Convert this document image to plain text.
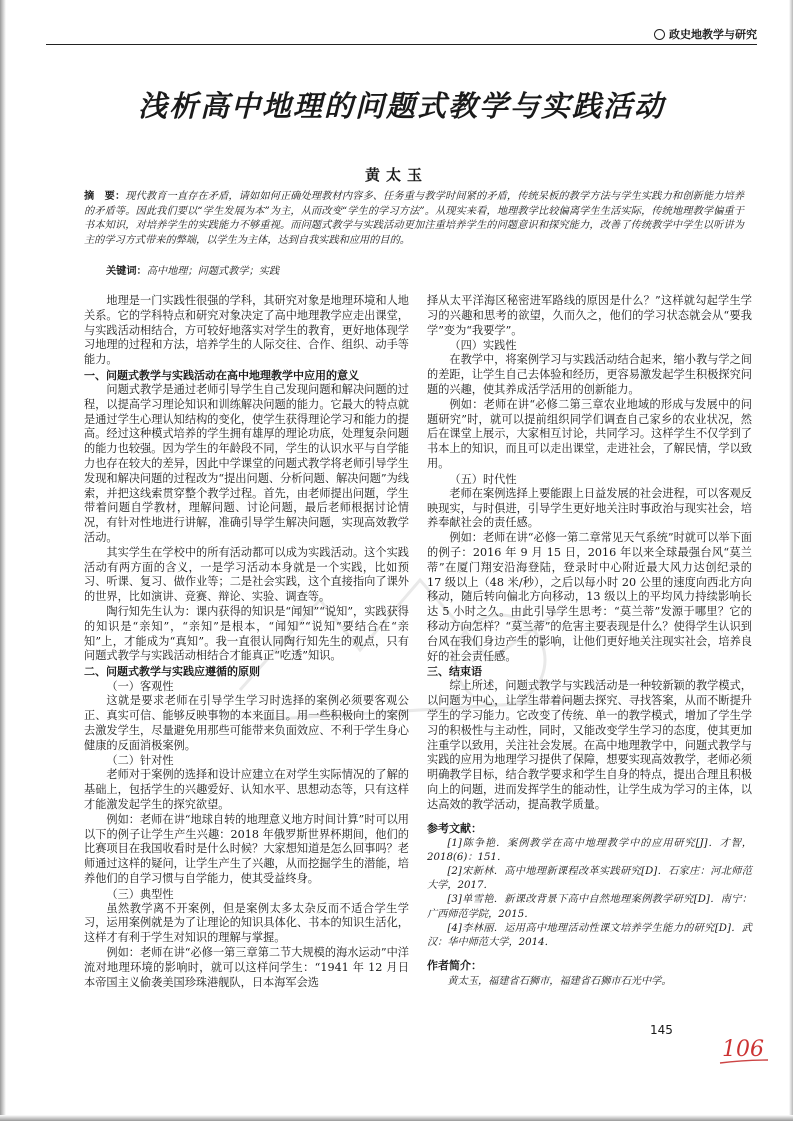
政史地教学与研究
浅析高中地理的问题式教学与实践活动
黄太玉
摘　要：现代教育一直存在矛盾，请如如何正确处理教材内容多、任务重与教学时间紧的矛盾，传统呆板的教学方法与学生实践力和创新能力培养的矛盾等。因此我们要以“学生发展为本”为主，从而改变“学生的学习方法”。从现实来看，地理教学比较偏离学生生活实际，传统地理教学偏重于书本知识，对培养学生的实践能力不够重视。而问题式教学与实践活动更加注重培养学生的问题意识和探究能力，改善了传统教学中学生以听讲为主的学习方式带来的弊端，以学生为主体，达到自我实践和应用的目的。
关键词：高中地理；问题式教学；实践

地理是一门实践性很强的学科，其研究对象是地理环境和人地关系。它的学科特点和研究对象决定了高中地理教学应走出课堂，与实践活动相结合，方可较好地落实对学生的教育，更好地体现学习地理的过程和方法，培养学生的人际交往、合作、组织、动手等能力。

一、问题式教学与实践活动在高中地理教学中应用的意义

问题式教学是通过老师引导学生自己发现问题和解决问题的过程，以提高学习理论知识和训练解决问题的能力。它最大的特点就是通过学生心理认知结构的变化，使学生获得理论学习和能力的提高。经过这种模式培养的学生拥有雄厚的理论功底，处理复杂问题的能力也较强。因为学生的年龄段不同，学生的认识水平与自学能力也存在较大的差异，因此中学课堂的问题式教学将老师引导学生发现和解决问题的过程改为“提出问题、分析问题、解决问题”为线索，并把这线索贯穿整个教学过程。首先，由老师提出问题，学生带着问题自学教材，理解问题、讨论问题，最后老师根据讨论情况，有针对性地进行讲解，准确引导学生解决问题，实现高效教学活动。

其实学生在学校中的所有活动都可以成为实践活动。这个实践活动有两方面的含义，一是学习活动本身就是一个实践，比如预习、听课、复习、做作业等；二是社会实践，这个直接指向了课外的世界，比如演讲、竞赛、辩论、实验、调查等。

陶行知先生认为：课内获得的知识是“闻知”“说知”，实践获得的知识是“亲知”，“亲知”是根本，“闻知”“说知”要结合在“亲知”上，才能成为“真知”。我一直很认同陶行知先生的观点，只有问题式教学与实践活动相结合才能真正“吃透”知识。

二、问题式教学与实践应遵循的原则
（一）客观性

这就是要求老师在引导学生学习时选择的案例必须要客观公正、真实可信、能够反映事物的本来面目。用一些积极向上的案例去激发学生，尽量避免用那些可能带来负面效应、不利于学生身心健康的反面消极案例。

（二）针对性

老师对于案例的选择和设计应建立在对学生实际情况的了解的基础上，包括学生的兴趣爱好、认知水平、思想动态等，只有这样才能激发起学生的探究欲望。

例如：老师在讲“地球自转的地理意义地方时间计算”时可以用以下的例子让学生产生兴趣：2018 年俄罗斯世界杯期间，他们的比赛项目在我国收看时是什么时候？大家想知道是怎么回事吗？老师通过这样的疑问，让学生产生了兴趣，从而挖掘学生的潜能，培养他们的自学习惯与自学能力，使其受益终身。

（三）典型性

虽然教学离不开案例，但是案例太多太杂反而不适合学生学习，运用案例就是为了让理论的知识具体化、书本的知识生活化，这样才有利于学生对知识的理解与掌握。

例如：老师在讲“必修一第三章第二节大规模的海水运动”中洋流对地理环境的影响时，就可以这样问学生：“1941 年 12 月日本帝国主义偷袭美国珍珠港舰队，日本海军会选

择从太平洋海区秘密进军路线的原因是什么？”这样就勾起学生学习的兴趣和思考的欲望，久而久之，他们的学习状态就会从“要我学”变为“我要学”。

（四）实践性

在教学中，将案例学习与实践活动结合起来，缩小教与学之间的差距，让学生自己去体验和经历，更容易激发起学生积极探究问题的兴趣，使其养成活学活用的创新能力。

例如：老师在讲“必修二第三章农业地域的形成与发展中的问题研究”时，就可以提前组织同学们调查自己家乡的农业状况，然后在课堂上展示，大家相互讨论，共同学习。这样学生不仅学到了书本上的知识，而且可以走出课堂，走进社会，了解民情，学以致用。

（五）时代性

老师在案例选择上要能跟上日益发展的社会进程，可以客观反映现实，与时俱进，引导学生更好地关注时事政治与现实社会，培养奉献社会的责任感。

例如：老师在讲“必修一第二章常见天气系统”时就可以举下面的例子：2016 年 9 月 15 日，2016 年以来全球最强台风“莫兰蒂”在厦门翔安沿海登陆，登录时中心附近最大风力达创纪录的 17 级以上（48 米/秒），之后以每小时 20 公里的速度向西北方向移动，随后转向偏北方向移动，13 级以上的平均风力持续影响长达 5 小时之久。由此引导学生思考：“莫兰蒂”发源于哪里？它的移动方向怎样？“莫兰蒂”的危害主要表现是什么？使得学生认识到台风在我们身边产生的影响，让他们更好地关注现实社会，培养良好的社会责任感。

三、结束语

综上所述，问题式教学与实践活动是一种较新颖的教学模式，以问题为中心，让学生带着问题去探究、寻找答案，从而不断提升学生的学习能力。它改变了传统、单一的教学模式，增加了学生学习的积极性与主动性，同时，又能改变学生学习的态度，使其更加注重学以致用，关注社会发展。在高中地理教学中，问题式教学与实践的应用为地理学习提供了保障，想要实现高效教学，老师必须明确教学目标，结合教学要求和学生自身的特点，提出合理且积极向上的问题，进而发挥学生的能动性，让学生成为学习的主体，以达高效的教学活动，提高教学质量。

参考文献：

[1]陈争艳．案例教学在高中地理教学中的应用研究[J]．才智，2018(6)：151．

[2]宋新林．高中地理新课程改革实践研究[D]．石家庄：河北师范大学，2017．

[3]单雪艳．新课改背景下高中自然地理案例教学研究[D]．南宁：广西师范学院，2015．

[4]李林丽．运用高中地理活动性课文培养学生能力的研究[D]．武汉：华中师范大学，2014．

作者简介：

黄太玉，福建省石狮市，福建省石狮市石光中学。

145
106
